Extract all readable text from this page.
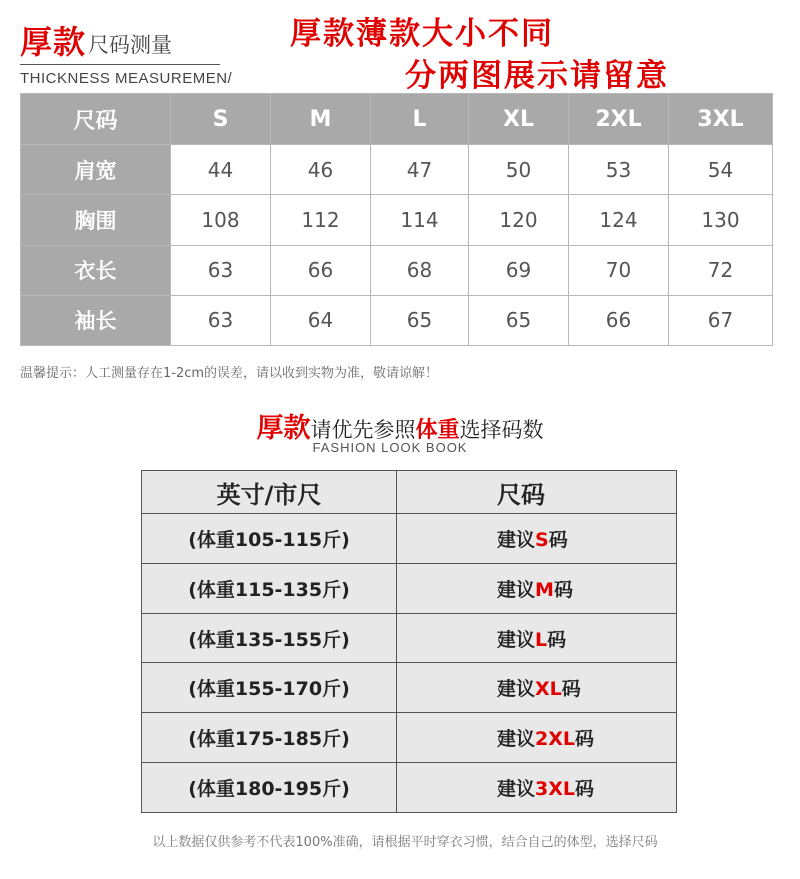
厚款 尺码测量
THICKNESS MEASUREMEN/
厚款薄款大小不同
分两图展示请留意
尺码	S	M	L	XL	2XL	3XL
肩宽	44	46	47	50	53	54
胸围	108	112	114	120	124	130
衣长	63	66	68	69	70	72
袖长	63	64	65	65	66	67
温馨提示：人工测量存在1-2cm的误差，请以收到实物为准，敬请谅解！
厚款请优先参照体重选择码数
FASHION LOOK BOOK
英寸/市尺	尺码
(体重105-115斤)	建议S码
(体重115-135斤)	建议M码
(体重135-155斤)	建议L码
(体重155-170斤)	建议XL码
(体重175-185斤)	建议2XL码
(体重180-195斤)	建议3XL码
以上数据仅供参考不代表100%准确，请根据平时穿衣习惯，结合自己的体型，选择尺码
